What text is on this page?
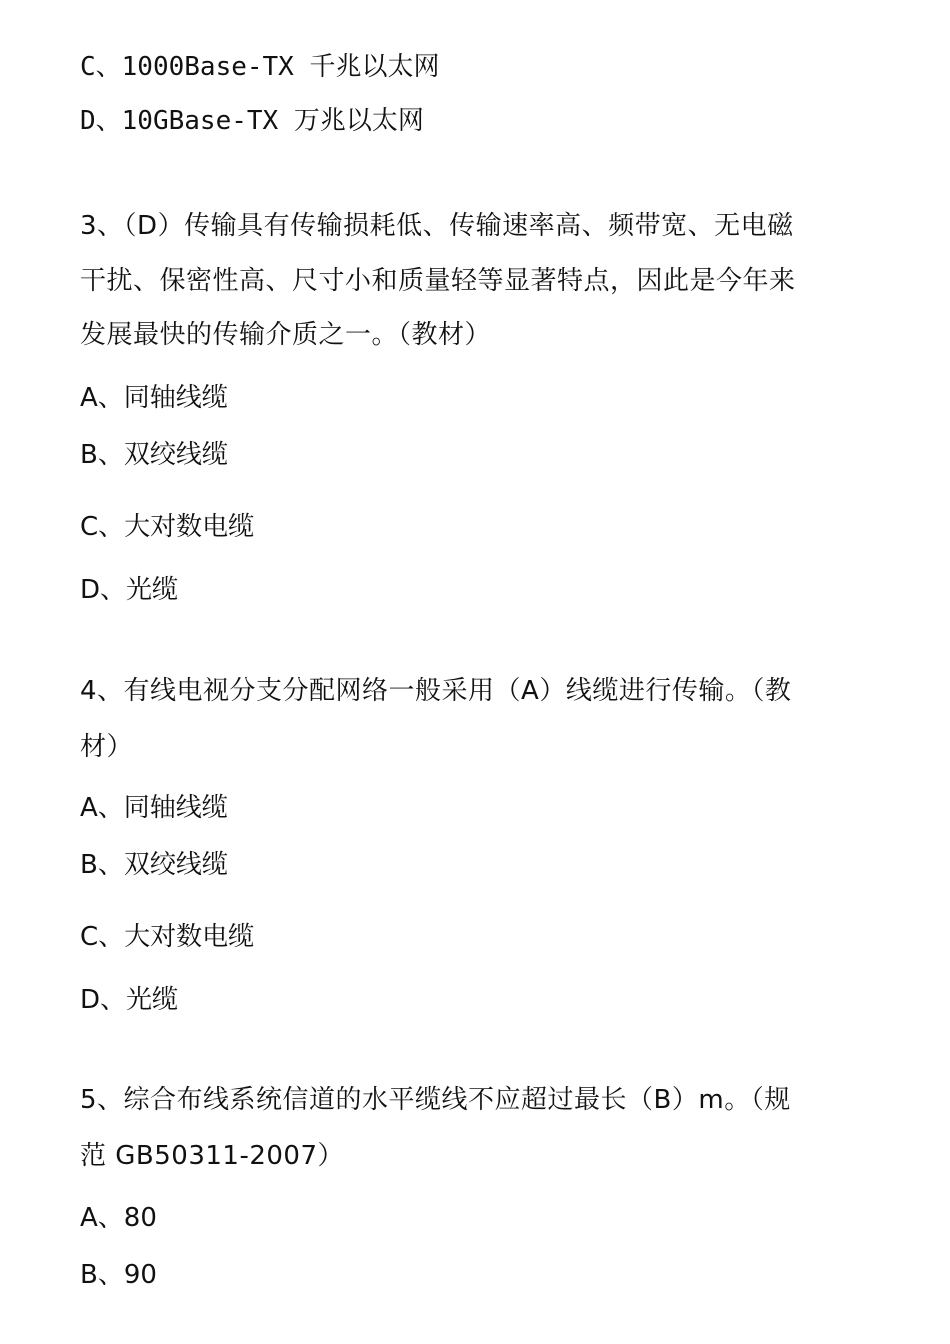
C、1000Base-TX 千兆以太网
D、10GBase-TX 万兆以太网
3、（D）传输具有传输损耗低、传输速率高、频带宽、无电磁
干扰、保密性高、尺寸小和质量轻等显著特点，因此是今年来
发展最快的传输介质之一。（教材）
A、同轴线缆
B、双绞线缆
C、大对数电缆
D、光缆
4、有线电视分支分配网络一般采用（A）线缆进行传输。（教
材）
A、同轴线缆
B、双绞线缆
C、大对数电缆
D、光缆
5、综合布线系统信道的水平缆线不应超过最长（B）m。（规
范 GB50311-2007）
A、80
B、90
